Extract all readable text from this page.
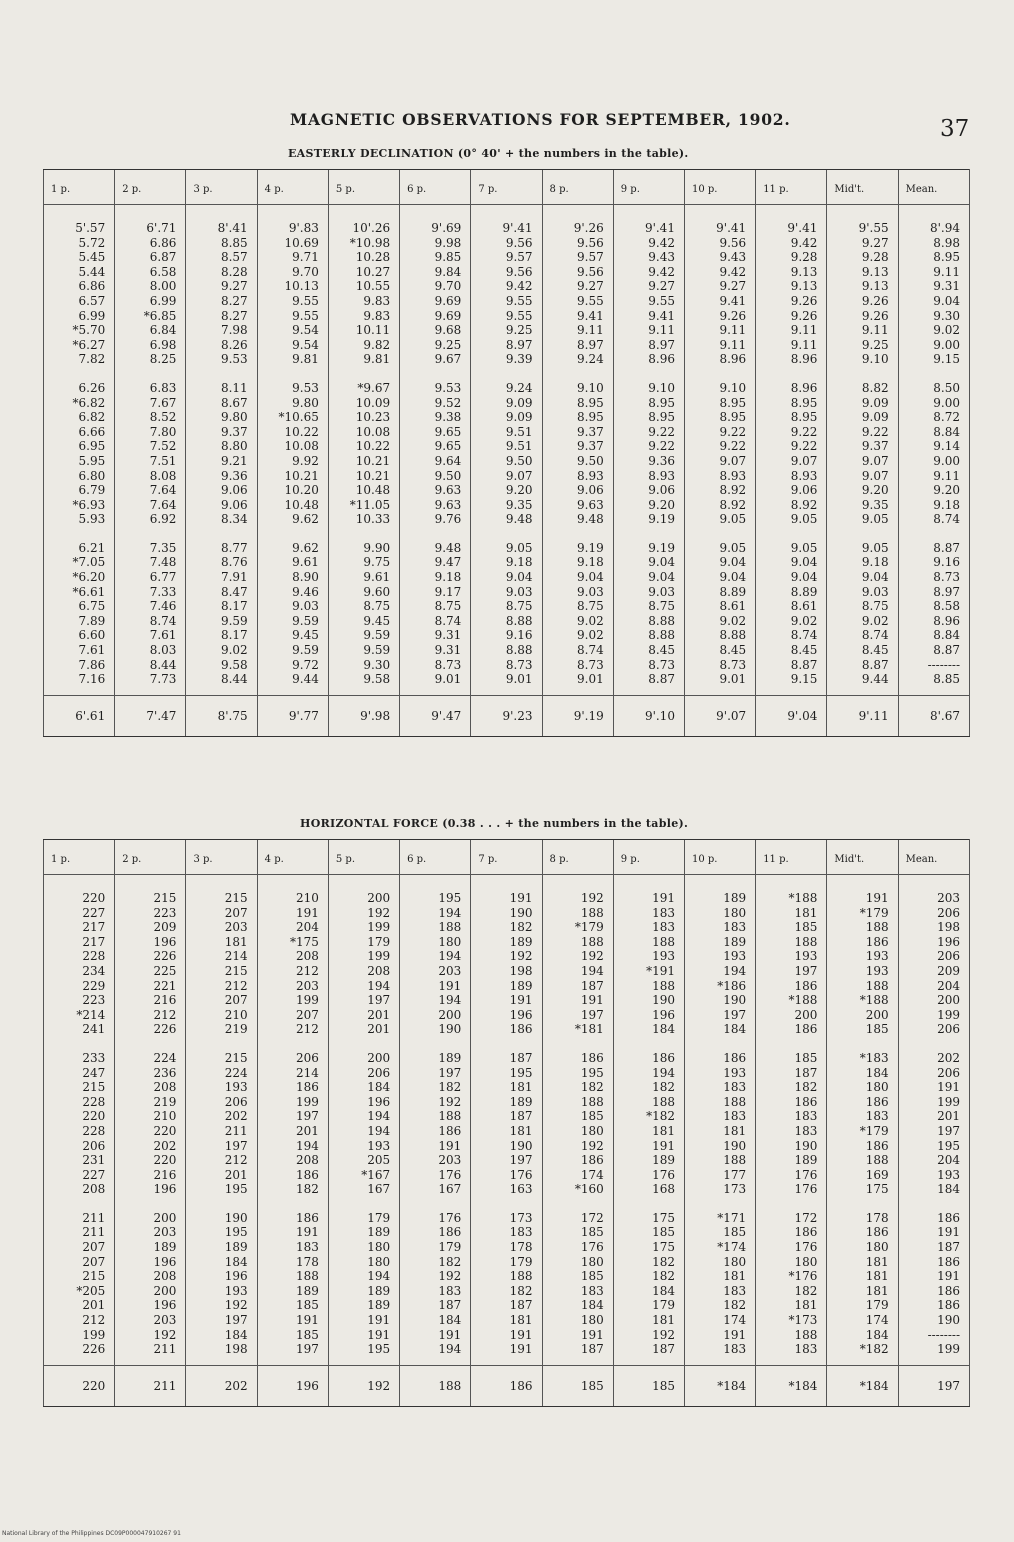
MAGNETIC OBSERVATIONS FOR SEPTEMBER, 1902.	37
EASTERLY DECLINATION (0° 40' + the numbers in the table).
1 p.	2 p.	3 p.	4 p.	5 p.	6 p.	7 p.	8 p.	9 p.	10 p.	11 p.	Mid't.	Mean.
5'.57	6'.71	8'.41	9'.83	10'.26	9'.69	9'.41	9'.26	9'.41	9'.41	9'.41	9'.55	8'.94
5.72	6.86	8.85	10.69	*10.98	9.98	9.56	9.56	9.42	9.56	9.42	9.27	8.98
5.45	6.87	8.57	9.71	10.28	9.85	9.57	9.57	9.43	9.43	9.28	9.28	8.95
5.44	6.58	8.28	9.70	10.27	9.84	9.56	9.56	9.42	9.42	9.13	9.13	9.11
6.86	8.00	9.27	10.13	10.55	9.70	9.42	9.27	9.27	9.27	9.13	9.13	9.31
6.57	6.99	8.27	9.55	9.83	9.69	9.55	9.55	9.55	9.41	9.26	9.26	9.04
6.99	*6.85	8.27	9.55	9.83	9.69	9.55	9.41	9.41	9.26	9.26	9.26	9.30
*5.70	6.84	7.98	9.54	10.11	9.68	9.25	9.11	9.11	9.11	9.11	9.11	9.02
*6.27	6.98	8.26	9.54	9.82	9.25	8.97	8.97	8.97	9.11	9.11	9.25	9.00
7.82	8.25	9.53	9.81	9.81	9.67	9.39	9.24	8.96	8.96	8.96	9.10	9.15
6.26	6.83	8.11	9.53	*9.67	9.53	9.24	9.10	9.10	9.10	8.96	8.82	8.50
*6.82	7.67	8.67	9.80	10.09	9.52	9.09	8.95	8.95	8.95	8.95	9.09	9.00
6.82	8.52	9.80	*10.65	10.23	9.38	9.09	8.95	8.95	8.95	8.95	9.09	8.72
6.66	7.80	9.37	10.22	10.08	9.65	9.51	9.37	9.22	9.22	9.22	9.22	8.84
6.95	7.52	8.80	10.08	10.22	9.65	9.51	9.37	9.22	9.22	9.22	9.37	9.14
5.95	7.51	9.21	9.92	10.21	9.64	9.50	9.50	9.36	9.07	9.07	9.07	9.00
6.80	8.08	9.36	10.21	10.21	9.50	9.07	8.93	8.93	8.93	8.93	9.07	9.11
6.79	7.64	9.06	10.20	10.48	9.63	9.20	9.06	9.06	8.92	9.06	9.20	9.20
*6.93	7.64	9.06	10.48	*11.05	9.63	9.35	9.63	9.20	8.92	8.92	9.35	9.18
5.93	6.92	8.34	9.62	10.33	9.76	9.48	9.48	9.19	9.05	9.05	9.05	8.74
6.21	7.35	8.77	9.62	9.90	9.48	9.05	9.19	9.19	9.05	9.05	9.05	8.87
*7.05	7.48	8.76	9.61	9.75	9.47	9.18	9.18	9.04	9.04	9.04	9.18	9.16
*6.20	6.77	7.91	8.90	9.61	9.18	9.04	9.04	9.04	9.04	9.04	9.04	8.73
*6.61	7.33	8.47	9.46	9.60	9.17	9.03	9.03	9.03	8.89	8.89	9.03	8.97
6.75	7.46	8.17	9.03	8.75	8.75	8.75	8.75	8.75	8.61	8.61	8.75	8.58
7.89	8.74	9.59	9.59	9.45	8.74	8.88	9.02	8.88	9.02	9.02	9.02	8.96
6.60	7.61	8.17	9.45	9.59	9.31	9.16	9.02	8.88	8.88	8.74	8.74	8.84
7.61	8.03	9.02	9.59	9.59	9.31	8.88	8.74	8.45	8.45	8.45	8.45	8.87
7.86	8.44	9.58	9.72	9.30	8.73	8.73	8.73	8.73	8.73	8.87	8.87	--------
7.16	7.73	8.44	9.44	9.58	9.01	9.01	9.01	8.87	9.01	9.15	9.44	8.85
6'.61	7'.47	8'.75	9'.77	9'.98	9'.47	9'.23	9'.19	9'.10	9'.07	9'.04	9'.11	8'.67
HORIZONTAL FORCE (0.38 . . . + the numbers in the table).
1 p.	2 p.	3 p.	4 p.	5 p.	6 p.	7 p.	8 p.	9 p.	10 p.	11 p.	Mid't.	Mean.
220	215	215	210	200	195	191	192	191	189	*188	191	203
227	223	207	191	192	194	190	188	183	180	181	*179	206
217	209	203	204	199	188	182	*179	183	183	185	188	198
217	196	181	*175	179	180	189	188	188	189	188	186	196
228	226	214	208	199	194	192	192	193	193	193	193	206
234	225	215	212	208	203	198	194	*191	194	197	193	209
229	221	212	203	194	191	189	187	188	*186	186	188	204
223	216	207	199	197	194	191	191	190	190	*188	*188	200
*214	212	210	207	201	200	196	197	196	197	200	200	199
241	226	219	212	201	190	186	*181	184	184	186	185	206
233	224	215	206	200	189	187	186	186	186	185	*183	202
247	236	224	214	206	197	195	195	194	193	187	184	206
215	208	193	186	184	182	181	182	182	183	182	180	191
228	219	206	199	196	192	189	188	188	188	186	186	199
220	210	202	197	194	188	187	185	*182	183	183	183	201
228	220	211	201	194	186	181	180	181	181	183	*179	197
206	202	197	194	193	191	190	192	191	190	190	186	195
231	220	212	208	205	203	197	186	189	188	189	188	204
227	216	201	186	*167	176	176	174	176	177	176	169	193
208	196	195	182	167	167	163	*160	168	173	176	175	184
211	200	190	186	179	176	173	172	175	*171	172	178	186
211	203	195	191	189	186	183	185	185	185	186	186	191
207	189	189	183	180	179	178	176	175	*174	176	180	187
207	196	184	178	180	182	179	180	182	180	180	181	186
215	208	196	188	194	192	188	185	182	181	*176	181	191
*205	200	193	189	189	183	182	183	184	183	182	181	186
201	196	192	185	189	187	187	184	179	182	181	179	186
212	203	197	191	191	184	181	180	181	174	*173	174	190
199	192	184	185	191	191	191	191	192	191	188	184	--------
226	211	198	197	195	194	191	187	187	183	183	*182	199
220	211	202	196	192	188	186	185	185	*184	*184	*184	197
National Library of the Philippines DC09P000047910267 91
